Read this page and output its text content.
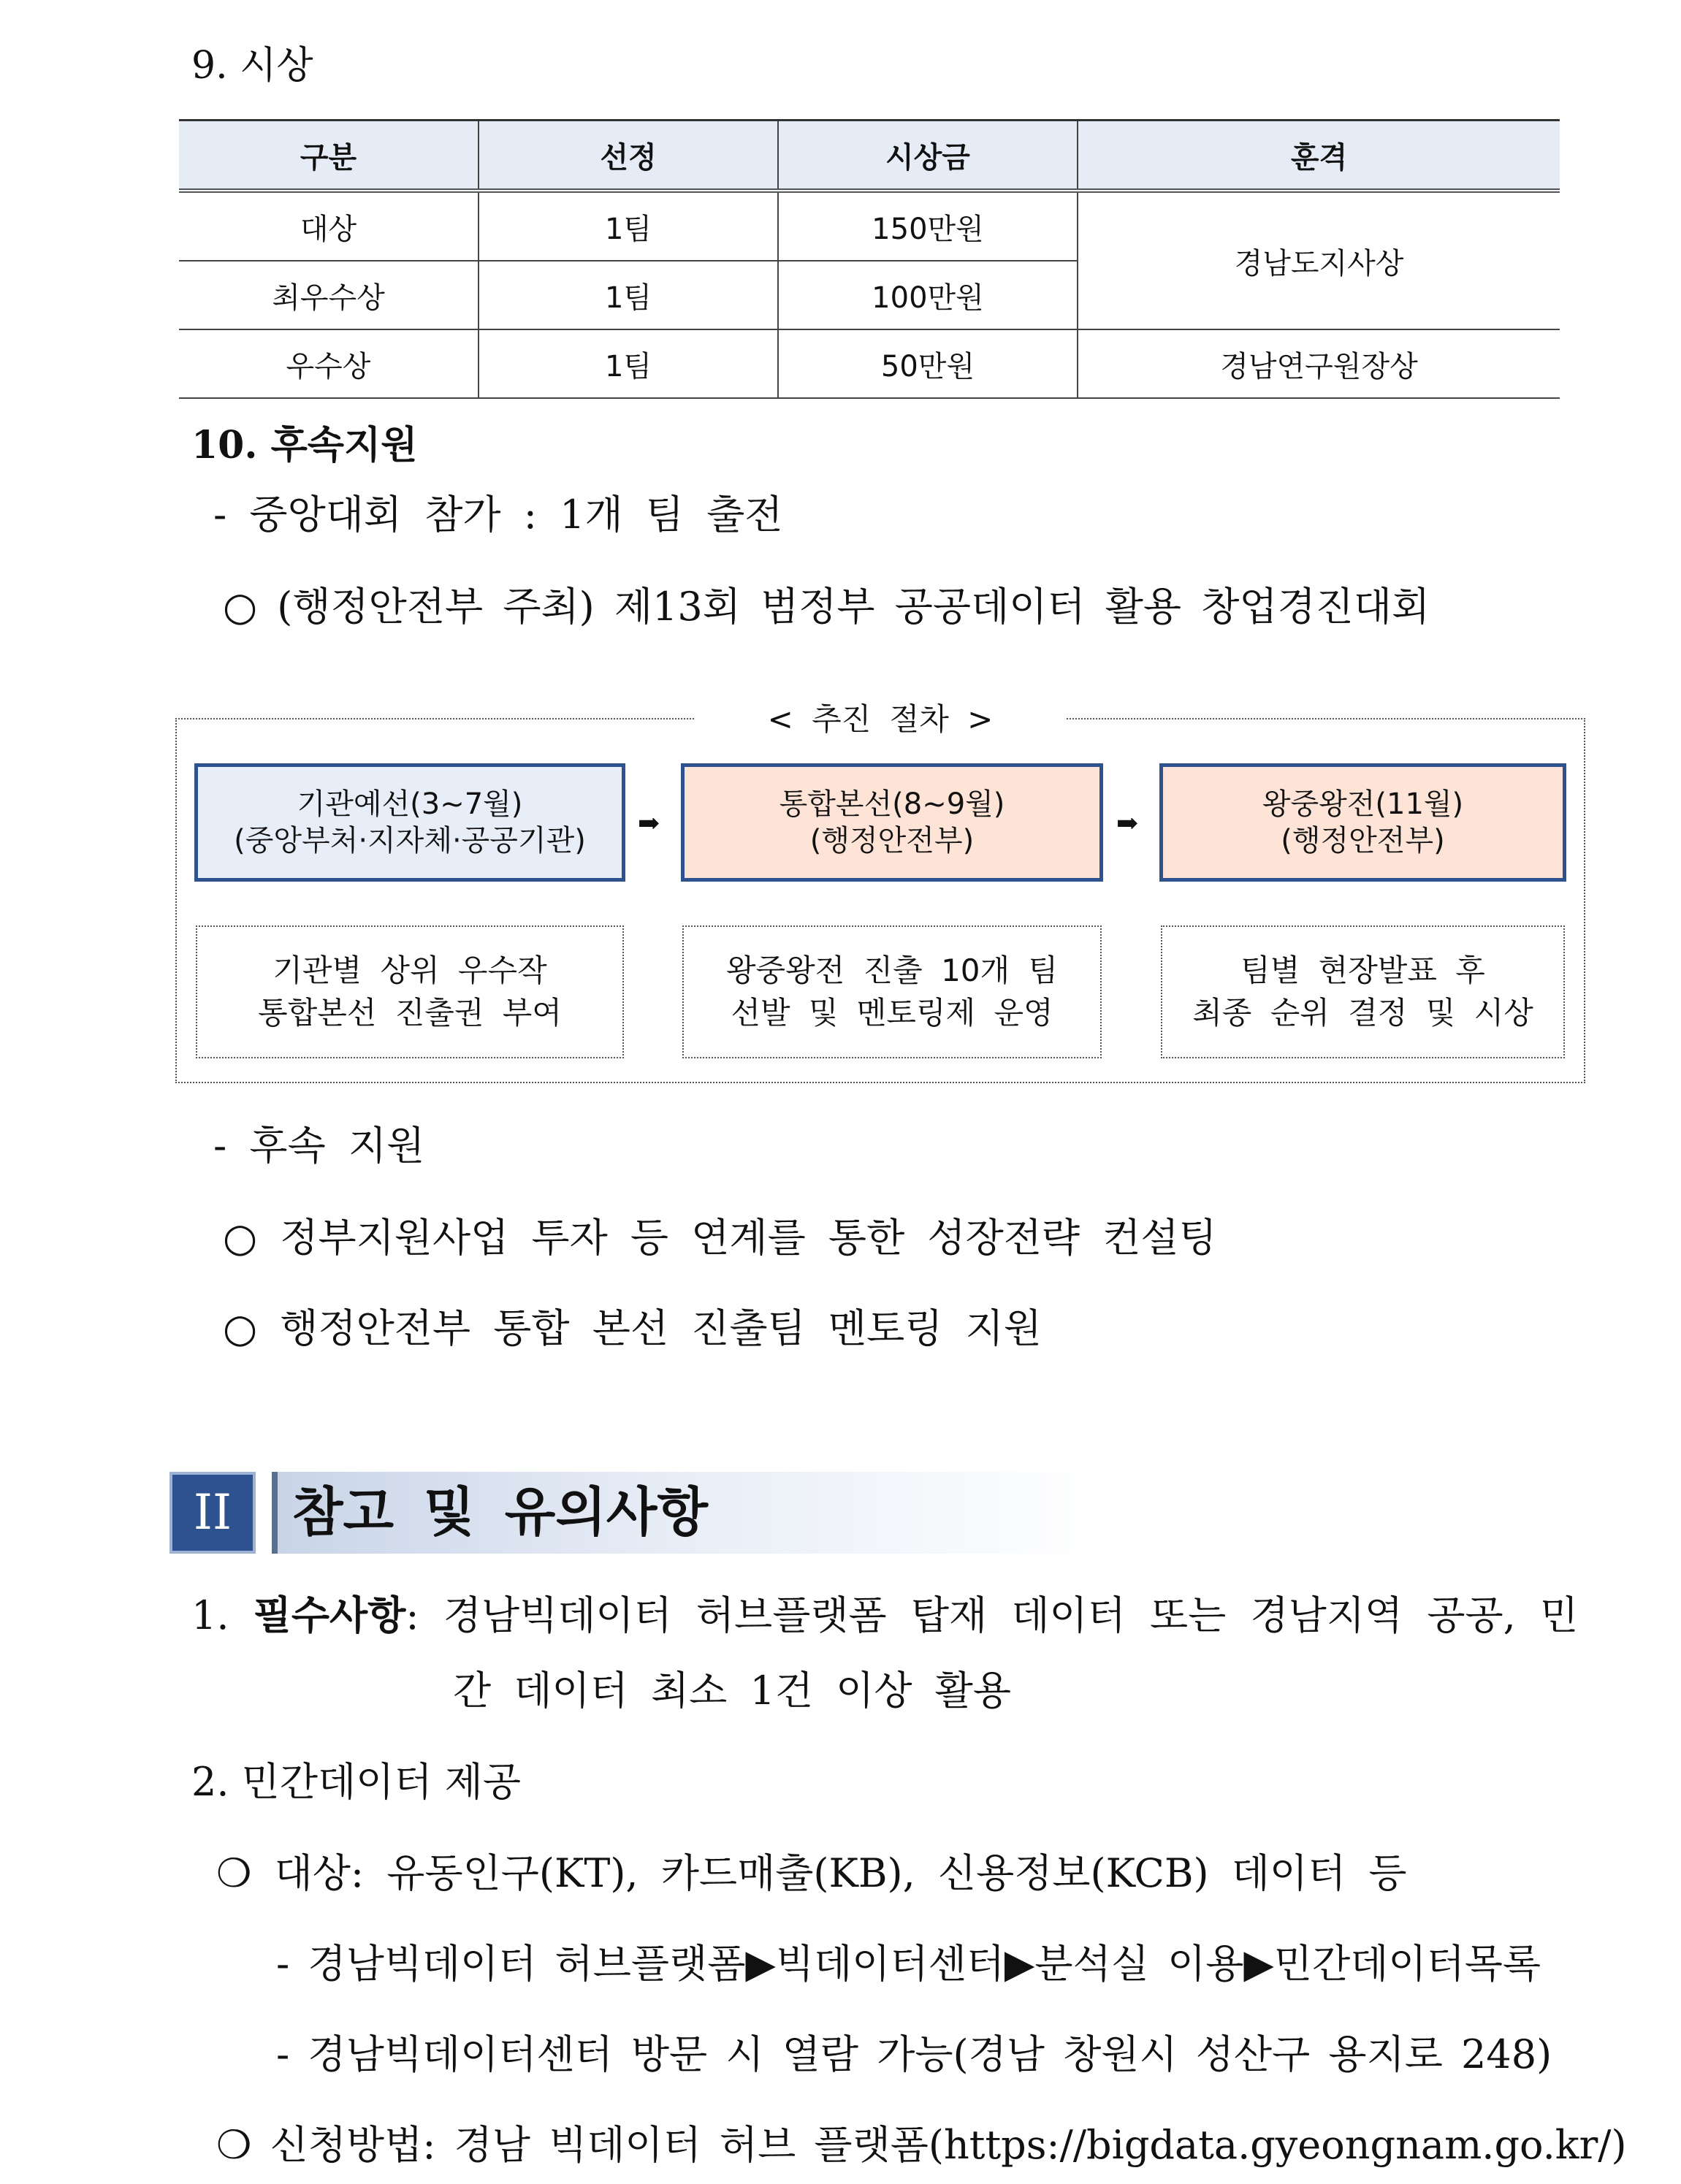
9. 시상
구분	선정	시상금	훈격
대상	1팀	150만원	경남도지사상
최우수상	1팀	100만원	
우수상	1팀	50만원	경남연구원장상
10. 후속지원
- 중앙대회 참가 : 1개 팀 출전
○ (행정안전부 주최) 제13회 범정부 공공데이터 활용 창업경진대회
< 추진 절차 >
기관예선(3~7월)
(중앙부처·지자체·공공기관)
➡
통합본선(8~9월)
(행정안전부)
➡
왕중왕전(11월)
(행정안전부)
기관별 상위 우수작
통합본선 진출권 부여
왕중왕전 진출 10개 팀
선발 및 멘토링제 운영
팀별 현장발표 후
최종 순위 결정 및 시상
- 후속 지원
○ 정부지원사업 투자 등 연계를 통한 성장전략 컨설팅
○ 행정안전부 통합 본선 진출팀 멘토링 지원
II	참고 및 유의사항
1. 필수사항: 경남빅데이터 허브플랫폼 탑재 데이터 또는 경남지역 공공, 민
간 데이터 최소 1건 이상 활용
2. 민간데이터 제공
❍ 대상: 유동인구(KT), 카드매출(KB), 신용정보(KCB) 데이터 등
- 경남빅데이터 허브플랫폼▶빅데이터센터▶분석실 이용▶민간데이터목록
- 경남빅데이터센터 방문 시 열람 가능(경남 창원시 성산구 용지로 248)
❍ 신청방법: 경남 빅데이터 허브 플랫폼(https://bigdata.gyeongnam.go.kr/)
